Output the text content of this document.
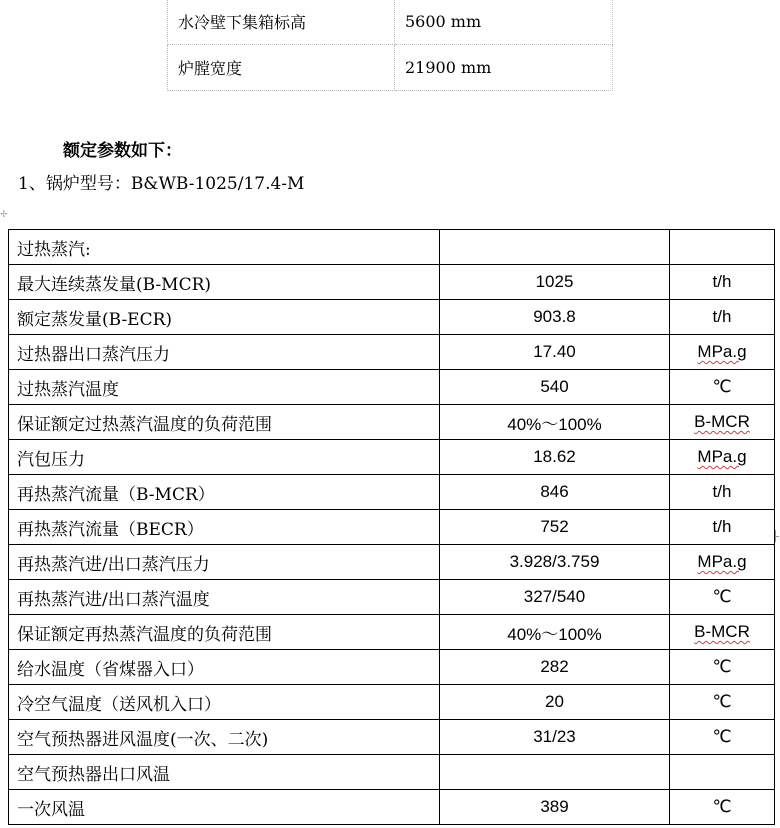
水冷壁下集箱标高	5600 mm
炉膛宽度	21900 mm
额定参数如下：
1、锅炉型号：B&WB-1025/17.4-M
✢
过热蒸汽:		
最大连续蒸发量(B-MCR)	1025	t/h
额定蒸发量(B-ECR)	903.8	t/h
过热器出口蒸汽压力	17.40	MPa.g
过热蒸汽温度	540	℃
保证额定过热蒸汽温度的负荷范围	40%～100%	B-MCR
汽包压力	18.62	MPa.g
再热蒸汽流量（B-MCR）	846	t/h
再热蒸汽流量（BECR）	752	t/h
再热蒸汽进/出口蒸汽压力	3.928/3.759	MPa.g
再热蒸汽进/出口蒸汽温度	327/540	℃
保证额定再热蒸汽温度的负荷范围	40%～100%	B-MCR
给水温度（省煤器入口）	282	℃
冷空气温度（送风机入口）	20	℃
空气预热器进风温度(一次、二次)	31/23	℃
空气预热器出口风温		
一次风温	389	℃
